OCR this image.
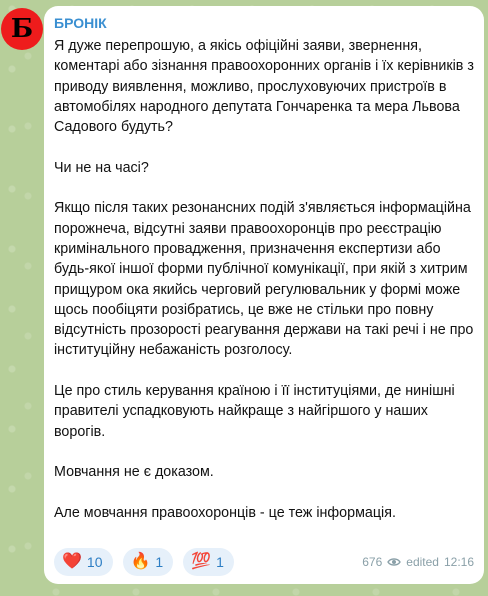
Б БРОНІК
Я дуже перепрошую, а якісь офіційні заяви, звернення, коментарі або зізнання правоохоронних органів і їх керівників з приводу виявлення, можливо, прослуховуючих пристроїв в автомобілях народного депутата Гончаренка та мера Львова Садового будуть?

Чи не на часі?

Якщо після таких резонансних подій з'являється інформаційна порожнеча, відсутні заяви правоохоронців про реєстрацію кримінального провадження, призначення експертизи або будь-якої іншої форми публічної комунікації, при якій з хитрим прищуром ока якийсь черговий регулювальник у формі може щось пообіцяти розібратись, це вже не стільки про повну відсутність прозорості реагування держави на такі речі і не про інституційну небажаність розголосу.

Це про стиль керування країною і її інституціями, де нинішні правителі успадковують найкраще з найгіршого у наших ворогів.

Мовчання не є доказом.

Але мовчання правоохоронців - це теж інформація.
❤️ 10 🔥 1 💯 1	676 edited 12:16
